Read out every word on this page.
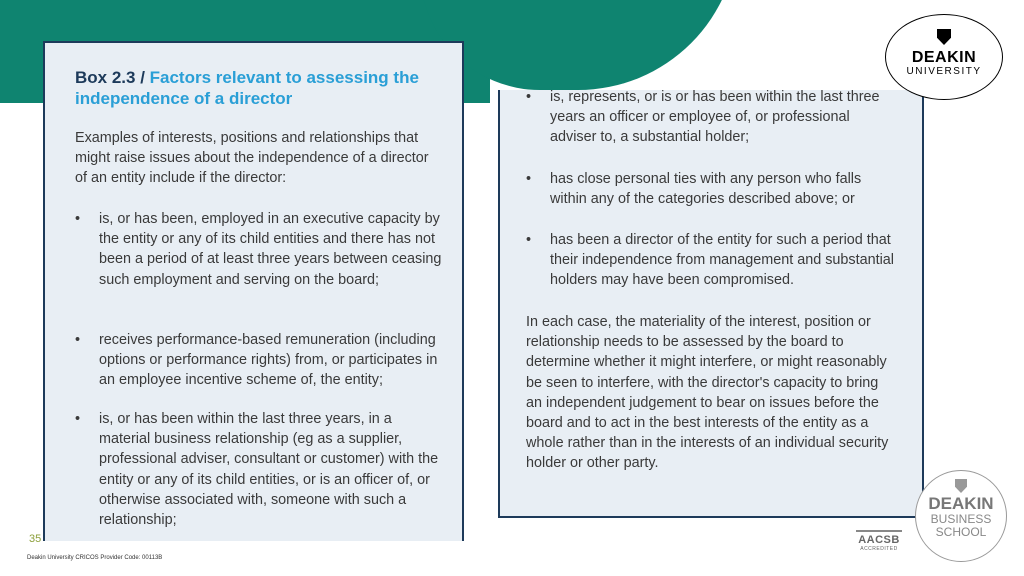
Box 2.3 / Factors relevant to assessing the independence of a director
Examples of interests, positions and relationships that might raise issues about the independence of a director of an entity include if the director:
• is, or has been, employed in an executive capacity by the entity or any of its child entities and there has not been a period of at least three years between ceasing such employment and serving on the board;
• receives performance-based remuneration (including options or performance rights) from, or participates in an employee incentive scheme of, the entity;
• is, or has been within the last three years, in a material business relationship (eg as a supplier, professional adviser, consultant or customer) with the entity or any of its child entities, or is an officer of, or otherwise associated with, someone with such a relationship;
• is, represents, or is or has been within the last three years an officer or employee of, or professional adviser to, a substantial holder;
• has close personal ties with any person who falls within any of the categories described above; or
• has been a director of the entity for such a period that their independence from management and substantial holders may have been compromised.
In each case, the materiality of the interest, position or relationship needs to be assessed by the board to determine whether it might interfere, or might reasonably be seen to interfere, with the director's capacity to bring an independent judgement to bear on issues before the board and to act in the best interests of the entity as a whole rather than in the interests of an individual security holder or other party.
DEAKIN
UNIVERSITY
AACSB
ACCREDITED
DEAKIN
BUSINESS
SCHOOL
35
Deakin University CRICOS Provider Code: 00113B
